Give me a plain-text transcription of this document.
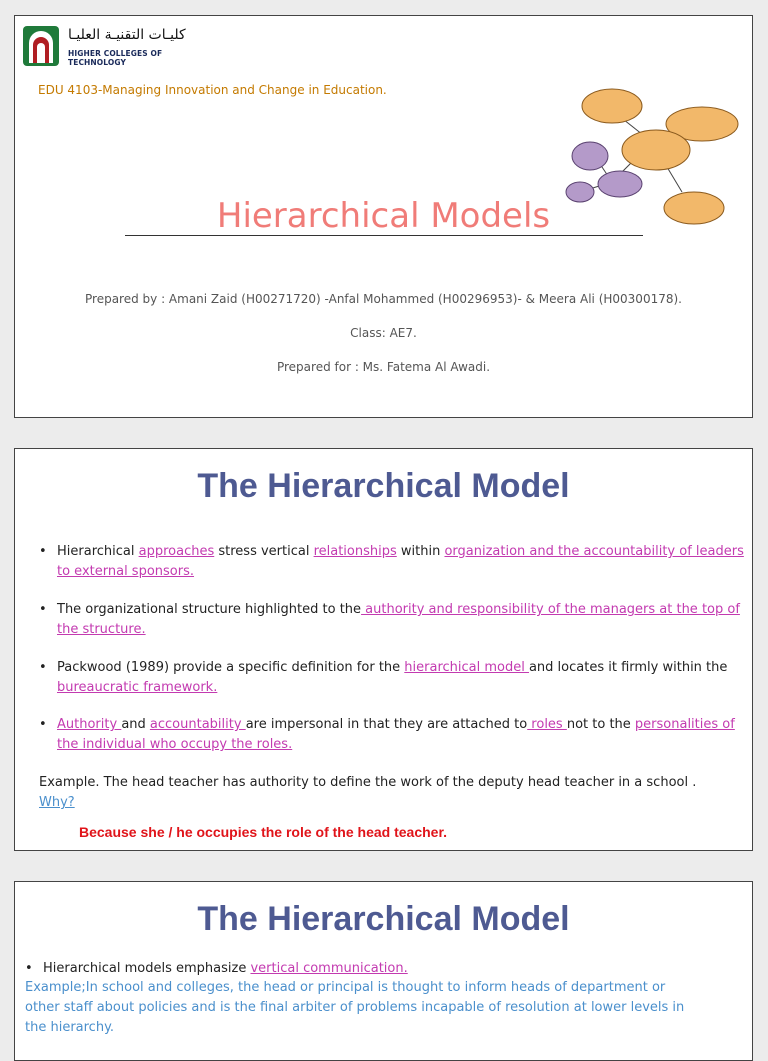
كليـات التقنيـة العليـا
HIGHER COLLEGES OF TECHNOLOGY
EDU 4103-Managing Innovation and Change in Education.
Hierarchical Models
Prepared by : Amani Zaid (H00271720) -Anfal Mohammed (H00296953)- & Meera Ali (H00300178).
Class: AE7.
Prepared for : Ms. Fatema Al Awadi.
The Hierarchical Model
• Hierarchical approaches stress vertical relationships within organization and the accountability of leaders to external sponsors.
• The organizational structure highlighted to the authority and responsibility of the managers at the top of the structure.
• Packwood (1989) provide a specific definition for the hierarchical model and locates it firmly within the bureaucratic framework.
• Authority and accountability are impersonal in that they are attached to roles not to the personalities of the individual who occupy the roles.
Example. The head teacher has authority to define the work of the deputy head teacher in a school .
Why?
Because she / he occupies the role of the head teacher.
The Hierarchical Model
• Hierarchical models emphasize vertical communication.
Example;In school and colleges, the head or principal is thought to inform heads of department or other staff about policies and is the final arbiter of problems incapable of resolution at lower levels in the hierarchy.
